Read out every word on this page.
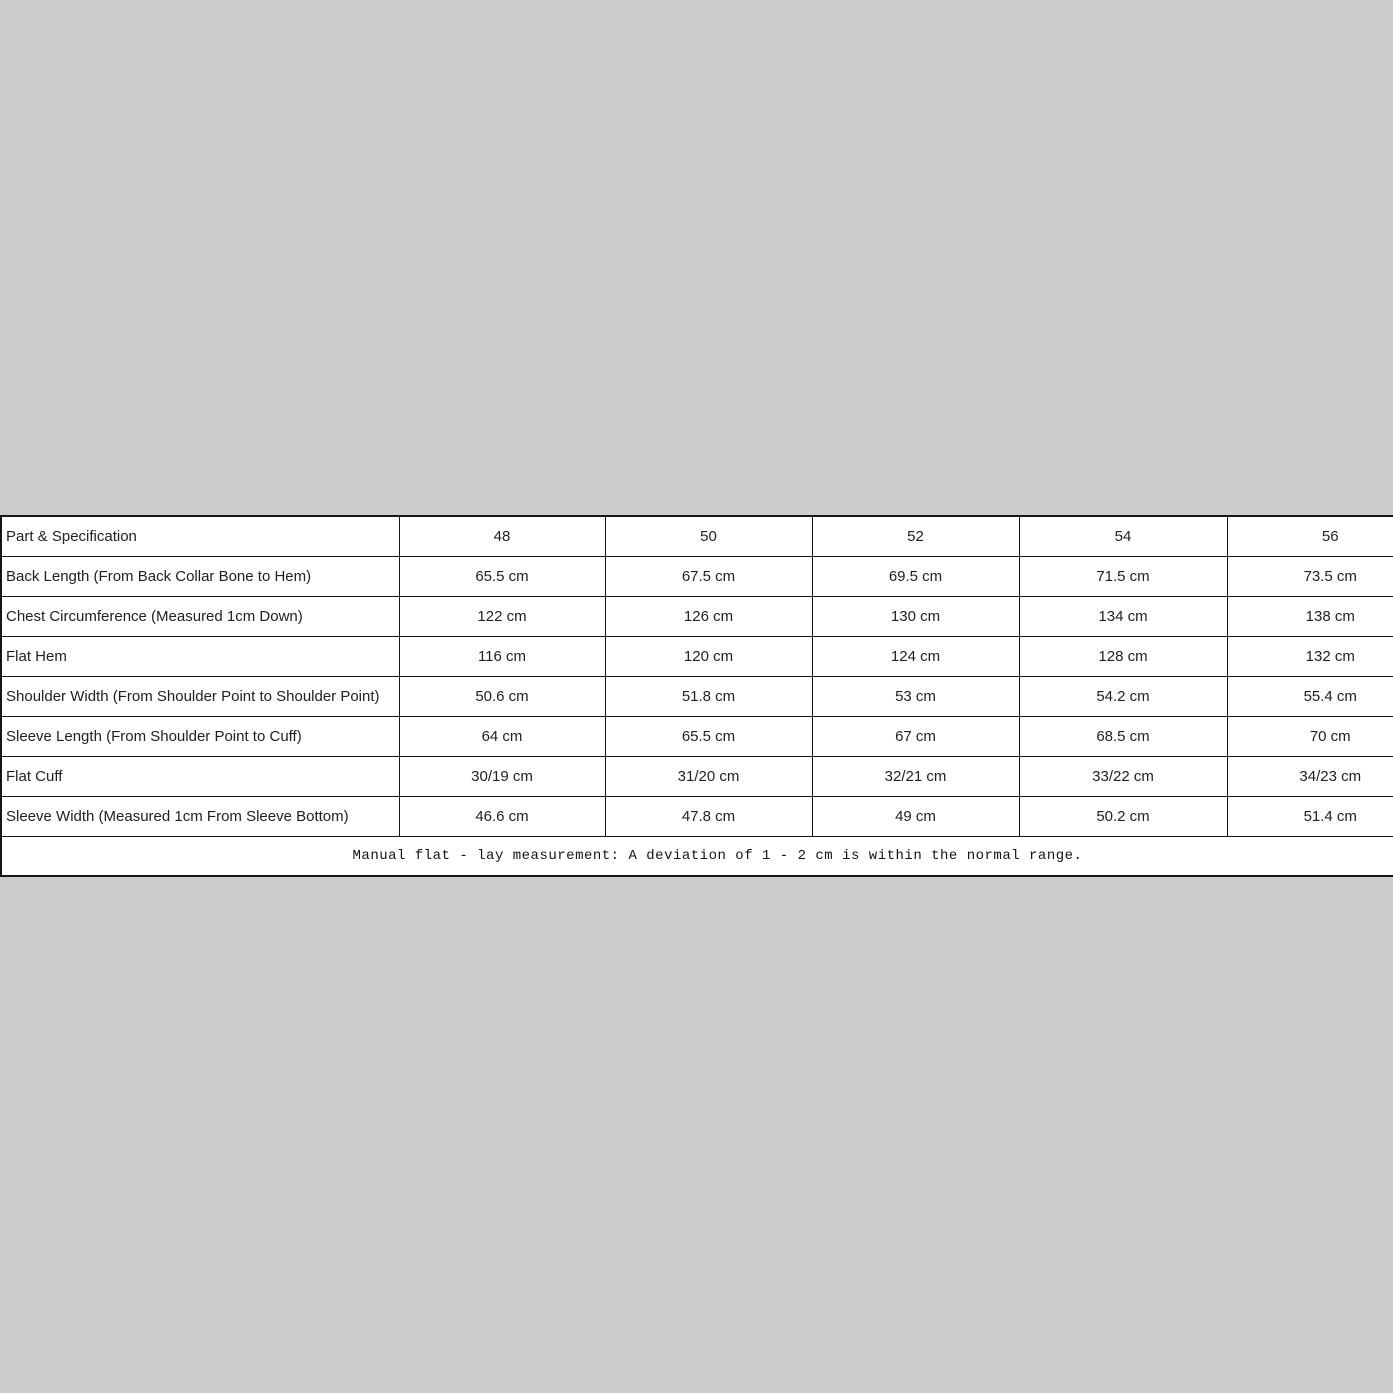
Part & Specification	48	50	52	54	56
Back Length (From Back Collar Bone to Hem)	65.5 cm	67.5 cm	69.5 cm	71.5 cm	73.5 cm
Chest Circumference (Measured 1cm Down)	122 cm	126 cm	130 cm	134 cm	138 cm
Flat Hem	116 cm	120 cm	124 cm	128 cm	132 cm
Shoulder Width (From Shoulder Point to Shoulder Point)	50.6 cm	51.8 cm	53 cm	54.2 cm	55.4 cm
Sleeve Length (From Shoulder Point to Cuff)	64 cm	65.5 cm	67 cm	68.5 cm	70 cm
Flat Cuff	30/19 cm	31/20 cm	32/21 cm	33/22 cm	34/23 cm
Sleeve Width (Measured 1cm From Sleeve Bottom)	46.6 cm	47.8 cm	49 cm	50.2 cm	51.4 cm
Manual flat - lay measurement: A deviation of 1 - 2 cm is within the normal range.					
